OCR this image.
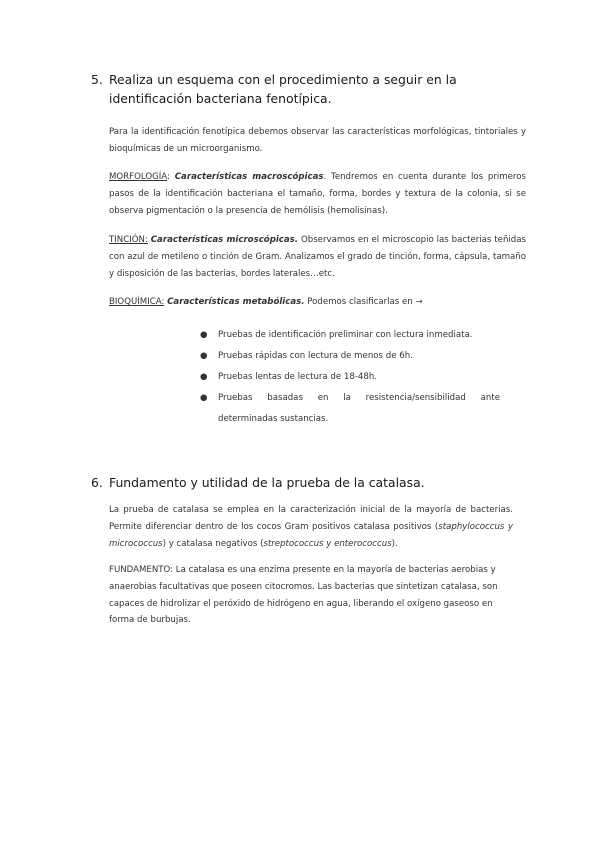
5. Realiza un esquema con el procedimiento a seguir en la identificación bacteriana fenotípica.
Para la identificación fenotípica debemos observar las características morfológicas, tintoriales y bioquímicas de un microorganismo.
MORFOLOGÍA: Características macroscópicas. Tendremos en cuenta durante los primeros pasos de la identificación bacteriana el tamaño, forma, bordes y textura de la colonia, si se observa pigmentación o la presencia de hemólisis (hemolisinas).
TINCIÓN: Características microscópicas. Observamos en el microscopio las bacterias teñidas con azul de metileno o tinción de Gram. Analizamos el grado de tinción, forma, cápsula, tamaño y disposición de las bacterias, bordes laterales…etc.
BIOQUÍMICA: Características metabólicas. Podemos clasificarlas en →
● Pruebas de identificación preliminar con lectura inmediata.
● Pruebas rápidas con lectura de menos de 6h.
● Pruebas lentas de lectura de 18-48h.
● Pruebas basadas en la resistencia/sensibilidad ante
determinadas sustancias.
6. Fundamento y utilidad de la prueba de la catalasa.
La prueba de catalasa se emplea en la caracterización inicial de la mayoría de bacterias. Permite diferenciar dentro de los cocos Gram positivos catalasa positivos (staphylococcus y micrococcus) y catalasa negativos (streptococcus y enterococcus).
FUNDAMENTO: La catalasa es una enzima presente en la mayoría de bacterias aerobias y anaerobias facultativas que poseen citocromos. Las bacterias que sintetizan catalasa, son capaces de hidrolizar el peróxido de hidrógeno en agua, liberando el oxígeno gaseoso en forma de burbujas.
